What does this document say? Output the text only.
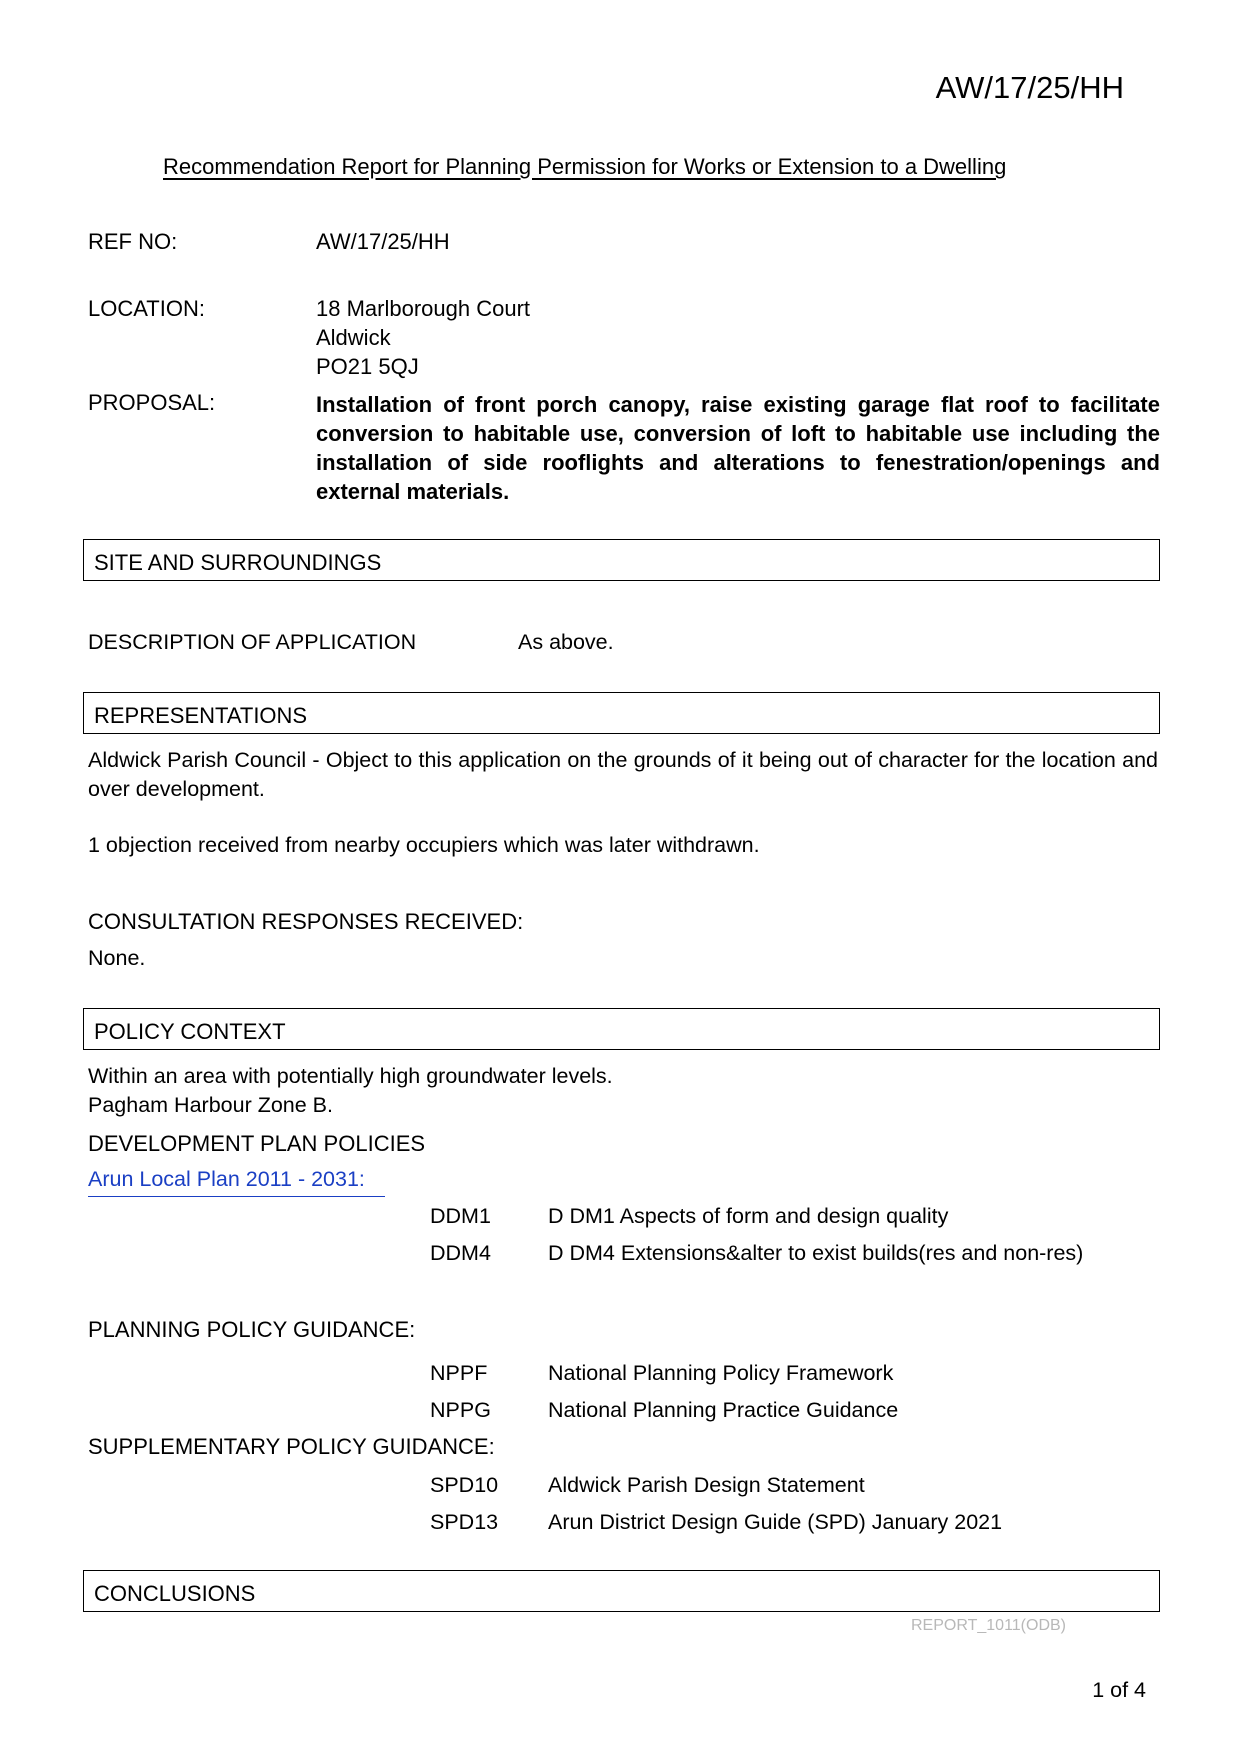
AW/17/25/HH
Recommendation Report for Planning Permission for Works or Extension to a Dwelling
REF NO:	AW/17/25/HH
LOCATION:	18 Marlborough Court
Aldwick
PO21 5QJ
PROPOSAL:	Installation of front porch canopy, raise existing garage flat roof to facilitate conversion to habitable use, conversion of loft to habitable use including the installation of side rooflights and alterations to fenestration/openings and external materials.
SITE AND SURROUNDINGS
DESCRIPTION OF APPLICATION	As above.
REPRESENTATIONS
Aldwick Parish Council - Object to this application on the grounds of it being out of character for the location and over development.
1 objection received from nearby occupiers which was later withdrawn.
CONSULTATION RESPONSES RECEIVED:
None.
POLICY CONTEXT
Within an area with potentially high groundwater levels.
Pagham Harbour Zone B.
DEVELOPMENT PLAN POLICIES
Arun Local Plan 2011 - 2031:
DDM1	D DM1 Aspects of form and design quality
DDM4	D DM4 Extensions&alter to exist builds(res and non-res)
PLANNING POLICY GUIDANCE:
NPPF	National Planning Policy Framework
NPPG	National Planning Practice Guidance
SUPPLEMENTARY POLICY GUIDANCE:
SPD10 Aldwick Parish Design Statement
SPD13 Arun District Design Guide (SPD) January 2021
CONCLUSIONS
REPORT_1011(ODB)
1 of 4
